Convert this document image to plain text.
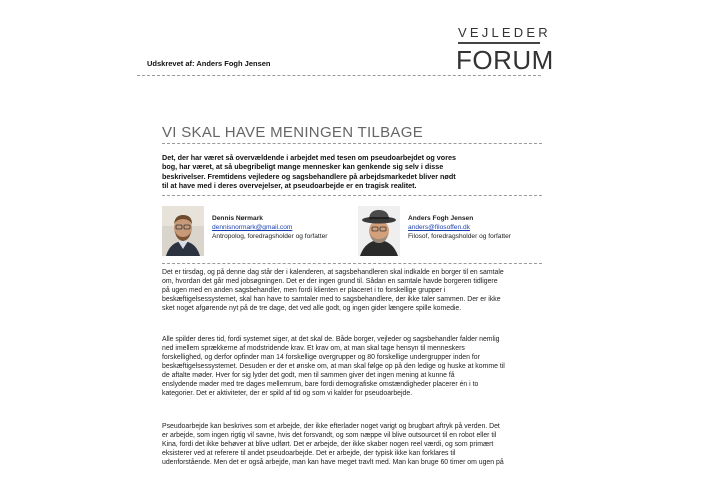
VEJLEDER
FORUM
Udskrevet af: Anders Fogh Jensen
VI SKAL HAVE MENINGEN TILBAGE
Det, der har været så overvældende i arbejdet med tesen om pseudoarbejdet og vores
bog, har været, at så ubegribeligt mange mennesker kan genkende sig selv i disse
beskrivelser. Fremtidens vejledere og sagsbehandlere på arbejdsmarkedet bliver nødt
til at have med i deres overvejelser, at pseudoarbejde er en tragisk realitet.
Dennis Nørmark
dennisnormark@gmail.com
Antropolog, foredragsholder og forfatter
Anders Fogh Jensen
anders@filosoffen.dk
Filosof, foredragsholder og forfatter
Det er tirsdag, og på denne dag står der i kalenderen, at sagsbehandleren skal indkalde en borger til en samtale
om, hvordan det går med jobsøgningen. Det er der ingen grund til. Sådan en samtale havde borgeren tidligere
på ugen med en anden sagsbehandler, men fordi klienten er placeret i to forskellige grupper i
beskæftigelsessystemet, skal han have to samtaler med to sagsbehandlere, der ikke taler sammen. Der er ikke
sket noget afgørende nyt på de tre dage, det ved alle godt, og ingen gider længere spille komedie.
Alle spilder deres tid, fordi systemet siger, at det skal de. Både borger, vejleder og sagsbehandler falder nemlig
ned imellem sprækkerne af modstridende krav. Et krav om, at man skal tage hensyn til menneskers
forskellighed, og derfor opfinder man 14 forskellige overgrupper og 80 forskellige undergrupper inden for
beskæftigelsessystemet. Desuden er der et ønske om, at man skal følge op på den ledige og huske at komme til
de aftalte møder. Hver for sig lyder det godt, men til sammen giver det ingen mening at kunne få
enslydende møder med tre dages mellemrum, bare fordi demografiske omstændigheder placerer én i to
kategorier. Det er aktiviteter, der er spild af tid og som vi kalder for pseudoarbejde.
Pseudoarbejde kan beskrives som et arbejde, der ikke efterlader noget varigt og brugbart aftryk på verden. Det
er arbejde, som ingen rigtig vil savne, hvis det forsvandt, og som næppe vil blive outsourcet til en robot eller til
Kina, fordi det ikke behøver at blive udført. Det er arbejde, der ikke skaber nogen reel værdi, og som primært
eksisterer ved at referere til andet pseudoarbejde. Det er arbejde, der typisk ikke kan forklares til
udenforstående. Men det er også arbejde, man kan have meget travlt med. Man kan bruge 60 timer om ugen på
